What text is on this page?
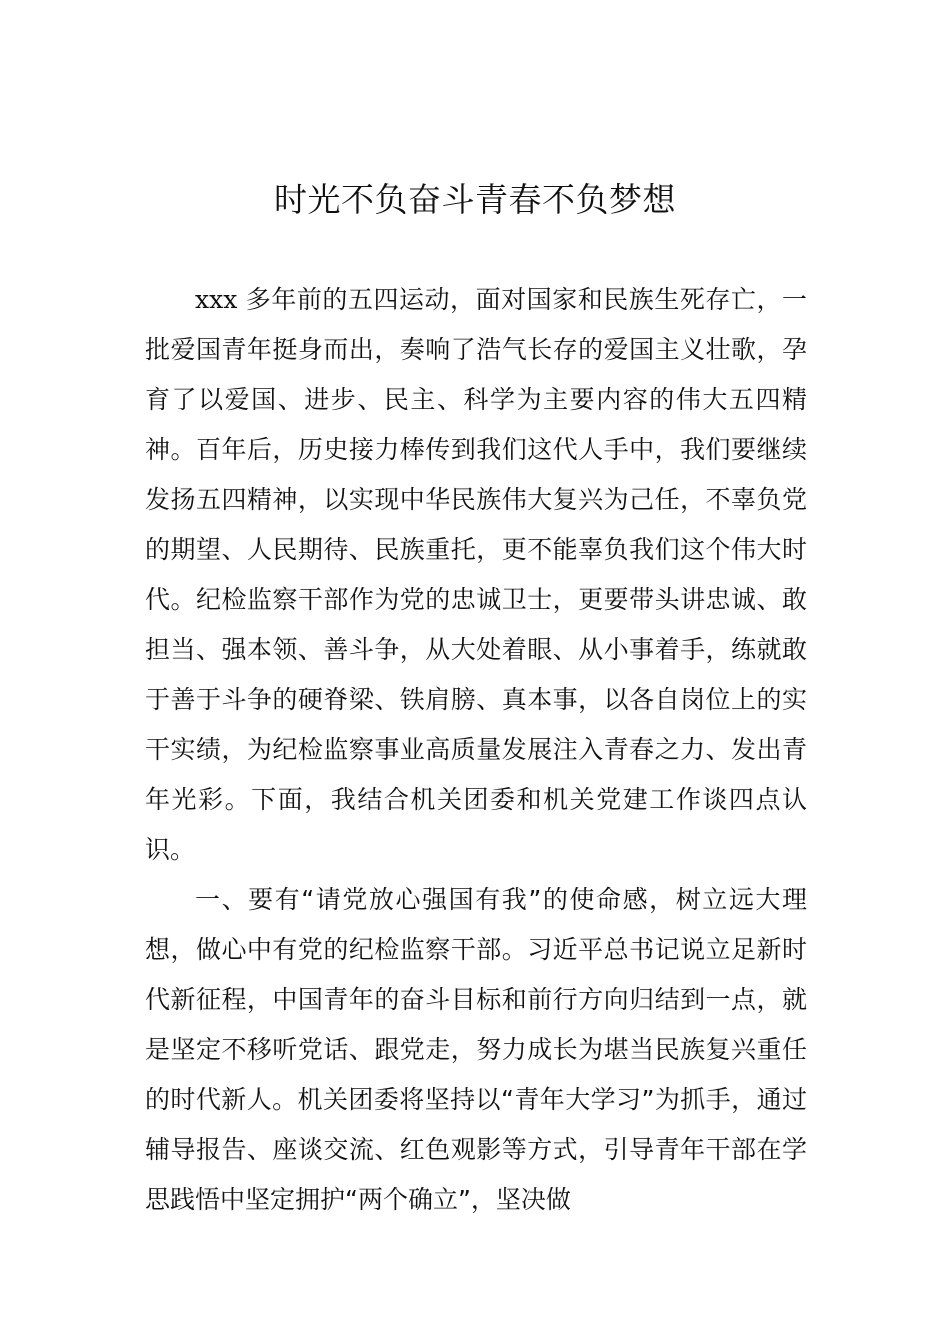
时光不负奋斗青春不负梦想

xxx 多年前的五四运动，面对国家和民族生死存亡，一批爱国青年挺身而出，奏响了浩气长存的爱国主义壮歌，孕育了以爱国、进步、民主、科学为主要内容的伟大五四精神。百年后，历史接力棒传到我们这代人手中，我们要继续发扬五四精神，以实现中华民族伟大复兴为己任，不辜负党的期望、人民期待、民族重托，更不能辜负我们这个伟大时代。纪检监察干部作为党的忠诚卫士，更要带头讲忠诚、敢担当、强本领、善斗争，从大处着眼、从小事着手，练就敢于善于斗争的硬脊梁、铁肩膀、真本事，以各自岗位上的实干实绩，为纪检监察事业高质量发展注入青春之力、发出青年光彩。下面，我结合机关团委和机关党建工作谈四点认识。

一、要有“请党放心强国有我”的使命感，树立远大理想，做心中有党的纪检监察干部。习近平总书记说立足新时代新征程，中国青年的奋斗目标和前行方向归结到一点，就是坚定不移听党话、跟党走，努力成长为堪当民族复兴重任的时代新人。机关团委将坚持以“青年大学习”为抓手，通过辅导报告、座谈交流、红色观影等方式，引导青年干部在学思践悟中坚定拥护“两个确立”，坚决做
